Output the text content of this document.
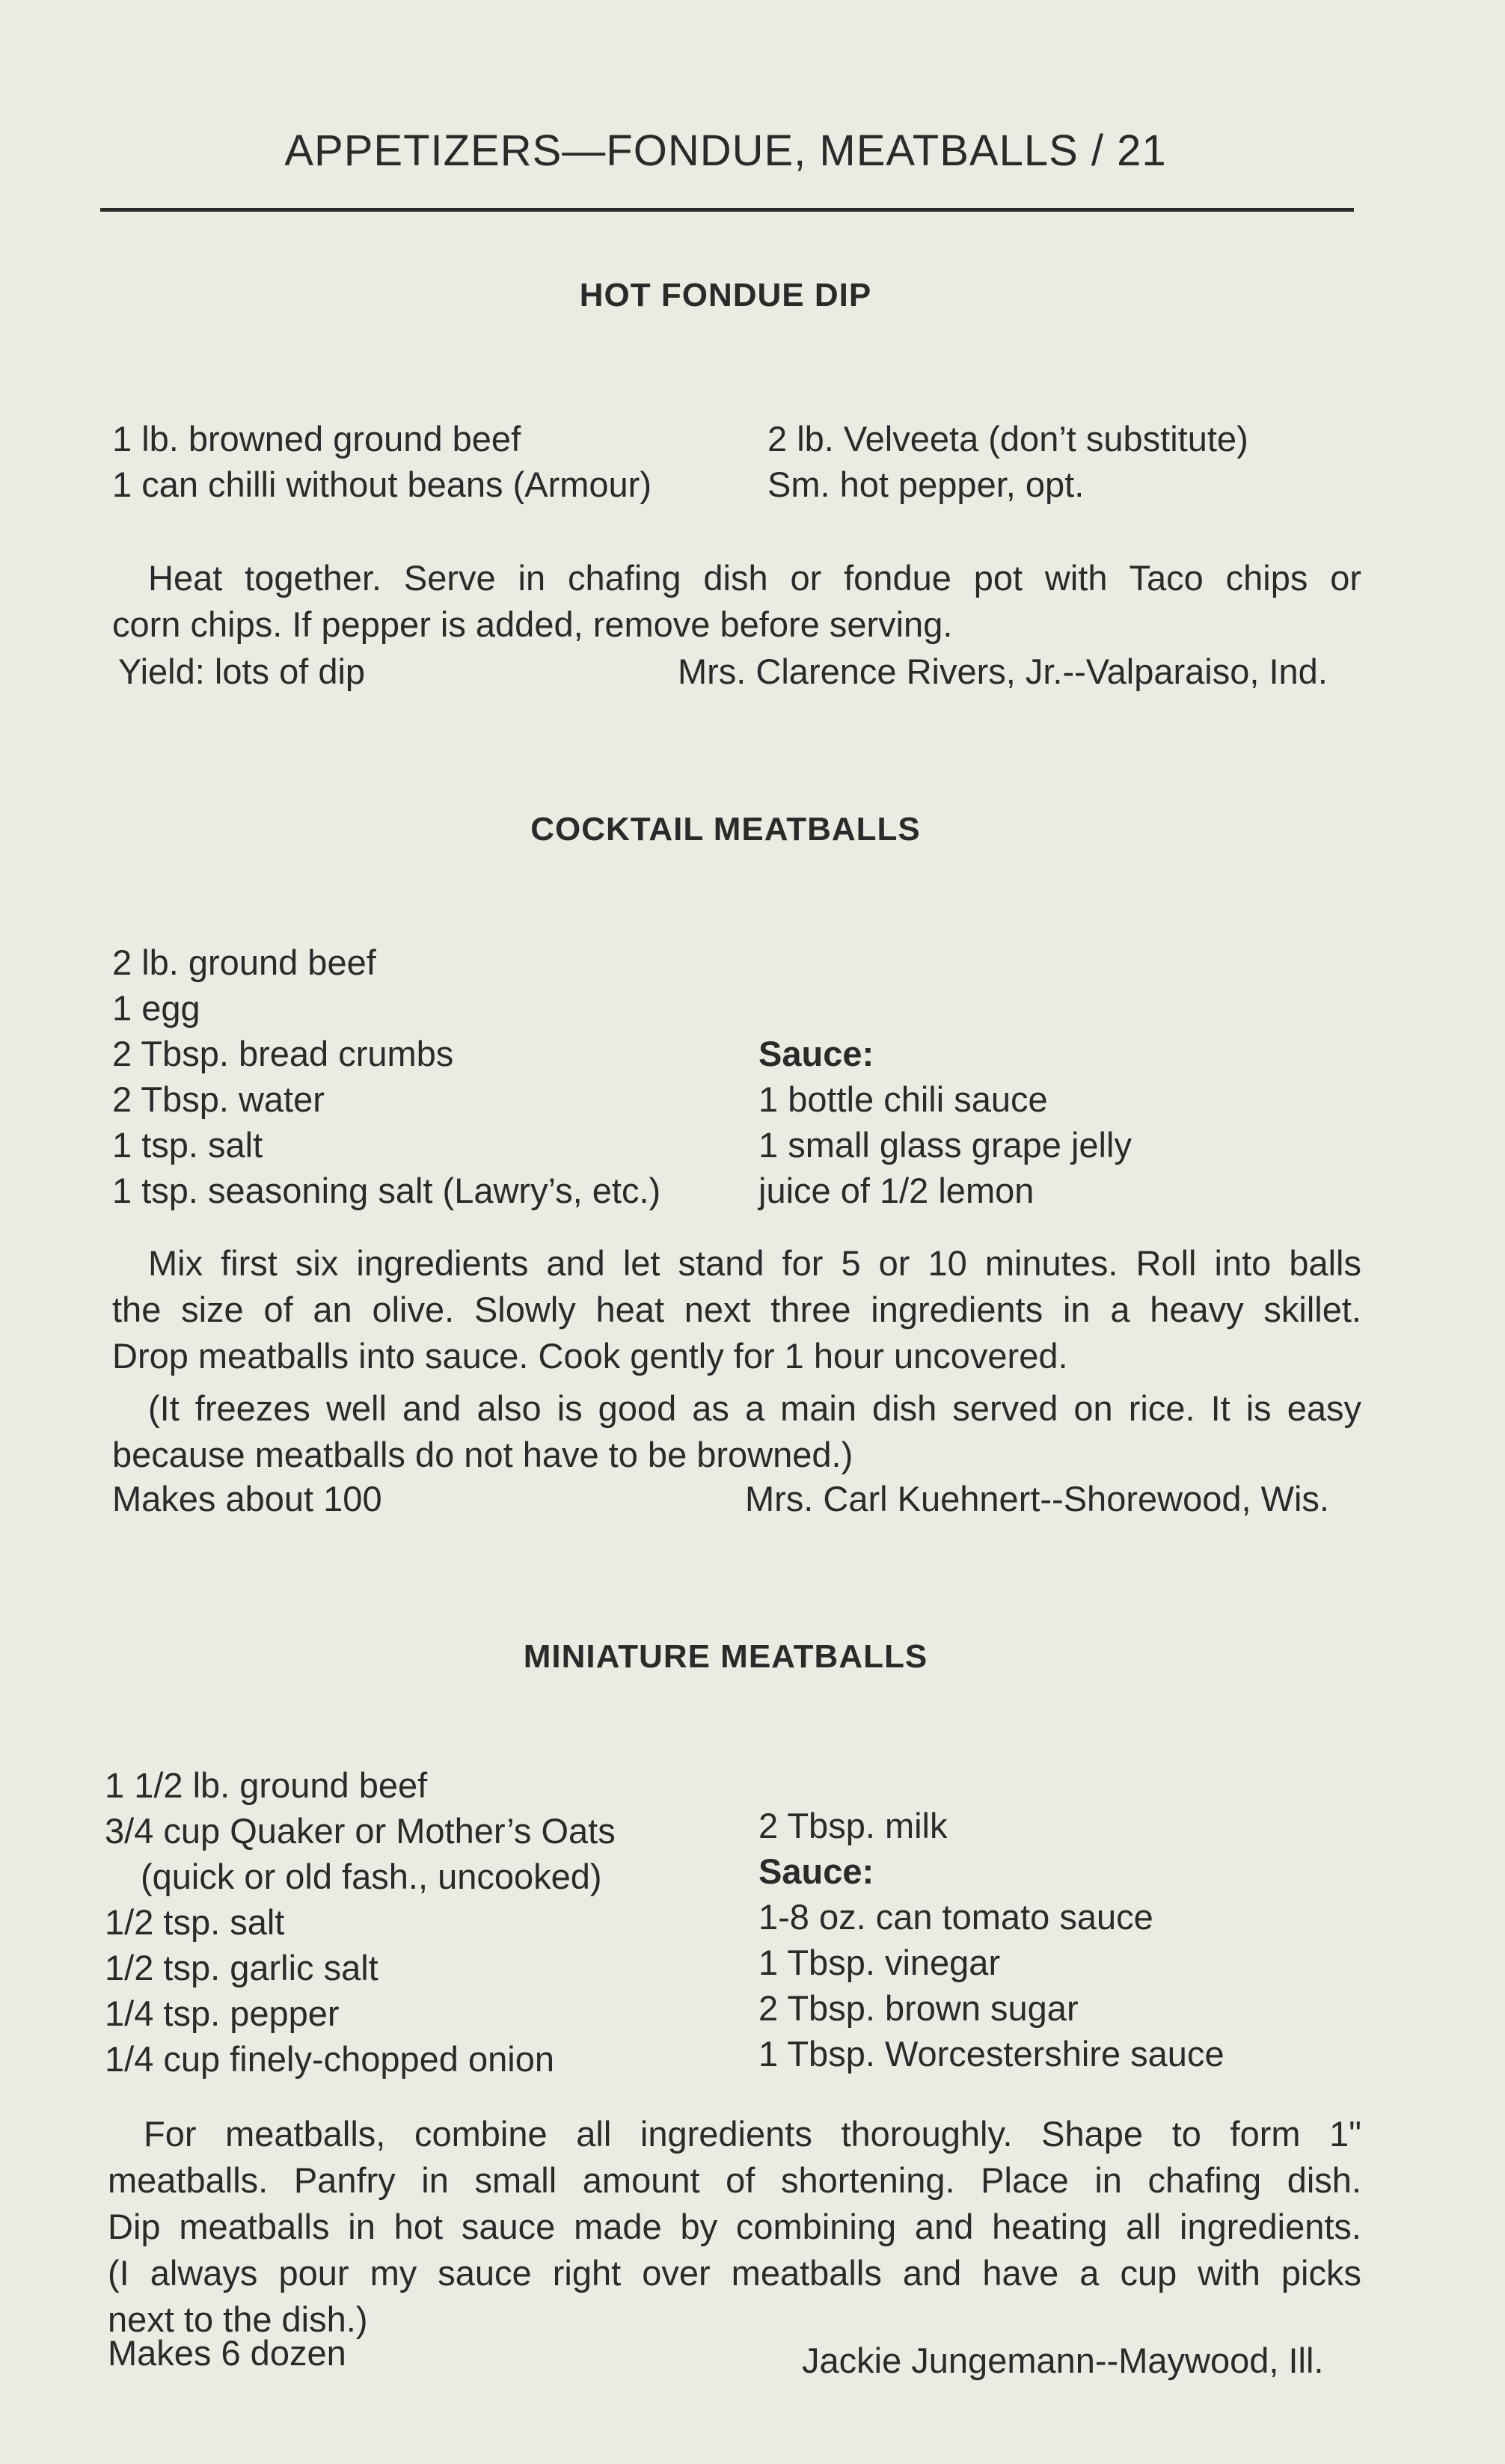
APPETIZERS—FONDUE, MEATBALLS / 21
HOT FONDUE DIP
1 lb. browned ground beef
1 can chilli without beans (Armour)
2 lb. Velveeta (don’t substitute)
Sm. hot pepper, opt.
Heat together. Serve in chafing dish or fondue pot with Taco chips or
corn chips. If pepper is added, remove before serving.
Yield: lots of dip	Mrs. Clarence Rivers, Jr.--Valparaiso, Ind.
COCKTAIL MEATBALLS
2 lb. ground beef
1 egg
2 Tbsp. bread crumbs
2 Tbsp. water
1 tsp. salt
1 tsp. seasoning salt (Lawry’s, etc.)
Sauce:
1 bottle chili sauce
1 small glass grape jelly
juice of 1/2 lemon
Mix first six ingredients and let stand for 5 or 10 minutes. Roll into balls
the size of an olive. Slowly heat next three ingredients in a heavy skillet.
Drop meatballs into sauce. Cook gently for 1 hour uncovered.
(It freezes well and also is good as a main dish served on rice. It is easy
because meatballs do not have to be browned.)
Makes about 100	Mrs. Carl Kuehnert--Shorewood, Wis.
MINIATURE MEATBALLS
1 1/2 lb. ground beef
3/4 cup Quaker or Mother’s Oats
(quick or old fash., uncooked)
1/2 tsp. salt
1/2 tsp. garlic salt
1/4 tsp. pepper
1/4 cup finely-chopped onion
2 Tbsp. milk
Sauce:
1-8 oz. can tomato sauce
1 Tbsp. vinegar
2 Tbsp. brown sugar
1 Tbsp. Worcestershire sauce
For meatballs, combine all ingredients thoroughly. Shape to form 1"
meatballs. Panfry in small amount of shortening. Place in chafing dish.
Dip meatballs in hot sauce made by combining and heating all ingredients.
(I always pour my sauce right over meatballs and have a cup with picks
next to the dish.)
Makes 6 dozen	Jackie Jungemann--Maywood, Ill.
